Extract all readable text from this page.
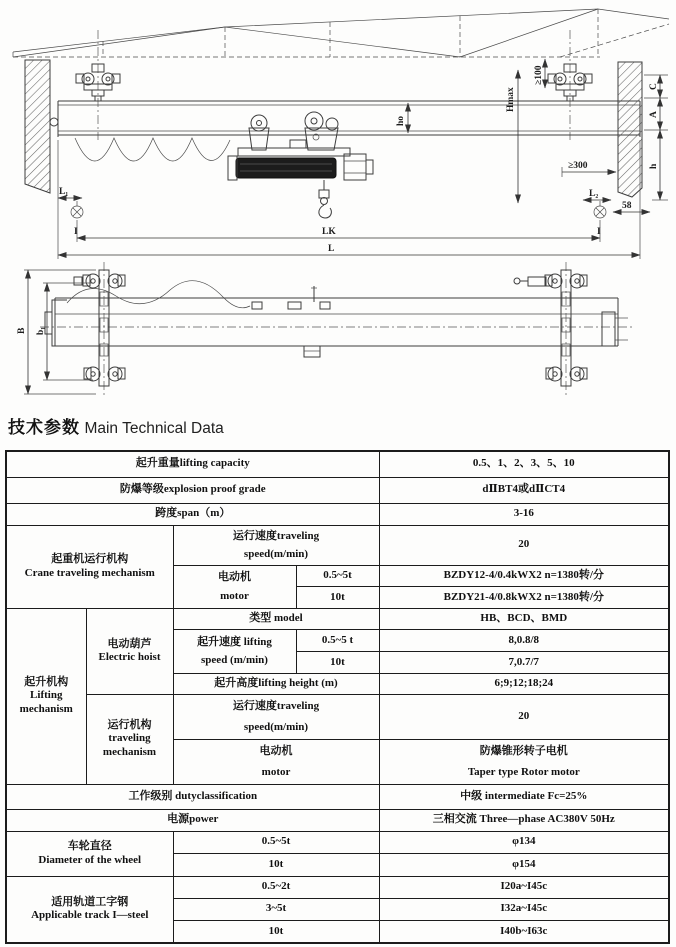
≥100
Hmax
ho
C
A
h
≥300
58
L₂
L₁
I	I
LK
L
B b₁
技术参数 Main Technical Data
起升重量lifting capacity				0.5、1、2、3、5、10
防爆等级explosion proof grade				dⅡBT4或dⅡCT4
跨度span（m）				3-16

起重机运行机构
Crane traveling mechanism		运行速度traveling
speed(m/min)		20

		电动机
motor	0.5~5t	BZDY12-4/0.4kWX2 n=1380转/分
			10t	BZDY21-4/0.8kWX2 n=1380转/分

起升机构
Lifting mechanism	电动葫芦
Electric hoist	类型 model		HB、BCD、BMD

		起升速度 lifting
speed (m/min)	0.5~5 t	8,0.8/8
			10t	7,0.7/7
		起升高度lifting height (m)		6;9;12;18;24

	运行机构
traveling mechanism	运行速度traveling
speed(m/min)		20

		电动机
motor		防爆锥形转子电机
Taper type Rotor motor

工作级别 dutyclassification				中级 intermediate Fc=25%
电源power				三相交流 Three—phase AC380V 50Hz

车轮直径
Diameter of the wheel		0.5~5t		φ134
		10t		φ154

适用轨道工字钢
Applicable track I—steel		0.5~2t		I20a~I45c
		3~5t		I32a~I45c
		10t		I40b~I63c
